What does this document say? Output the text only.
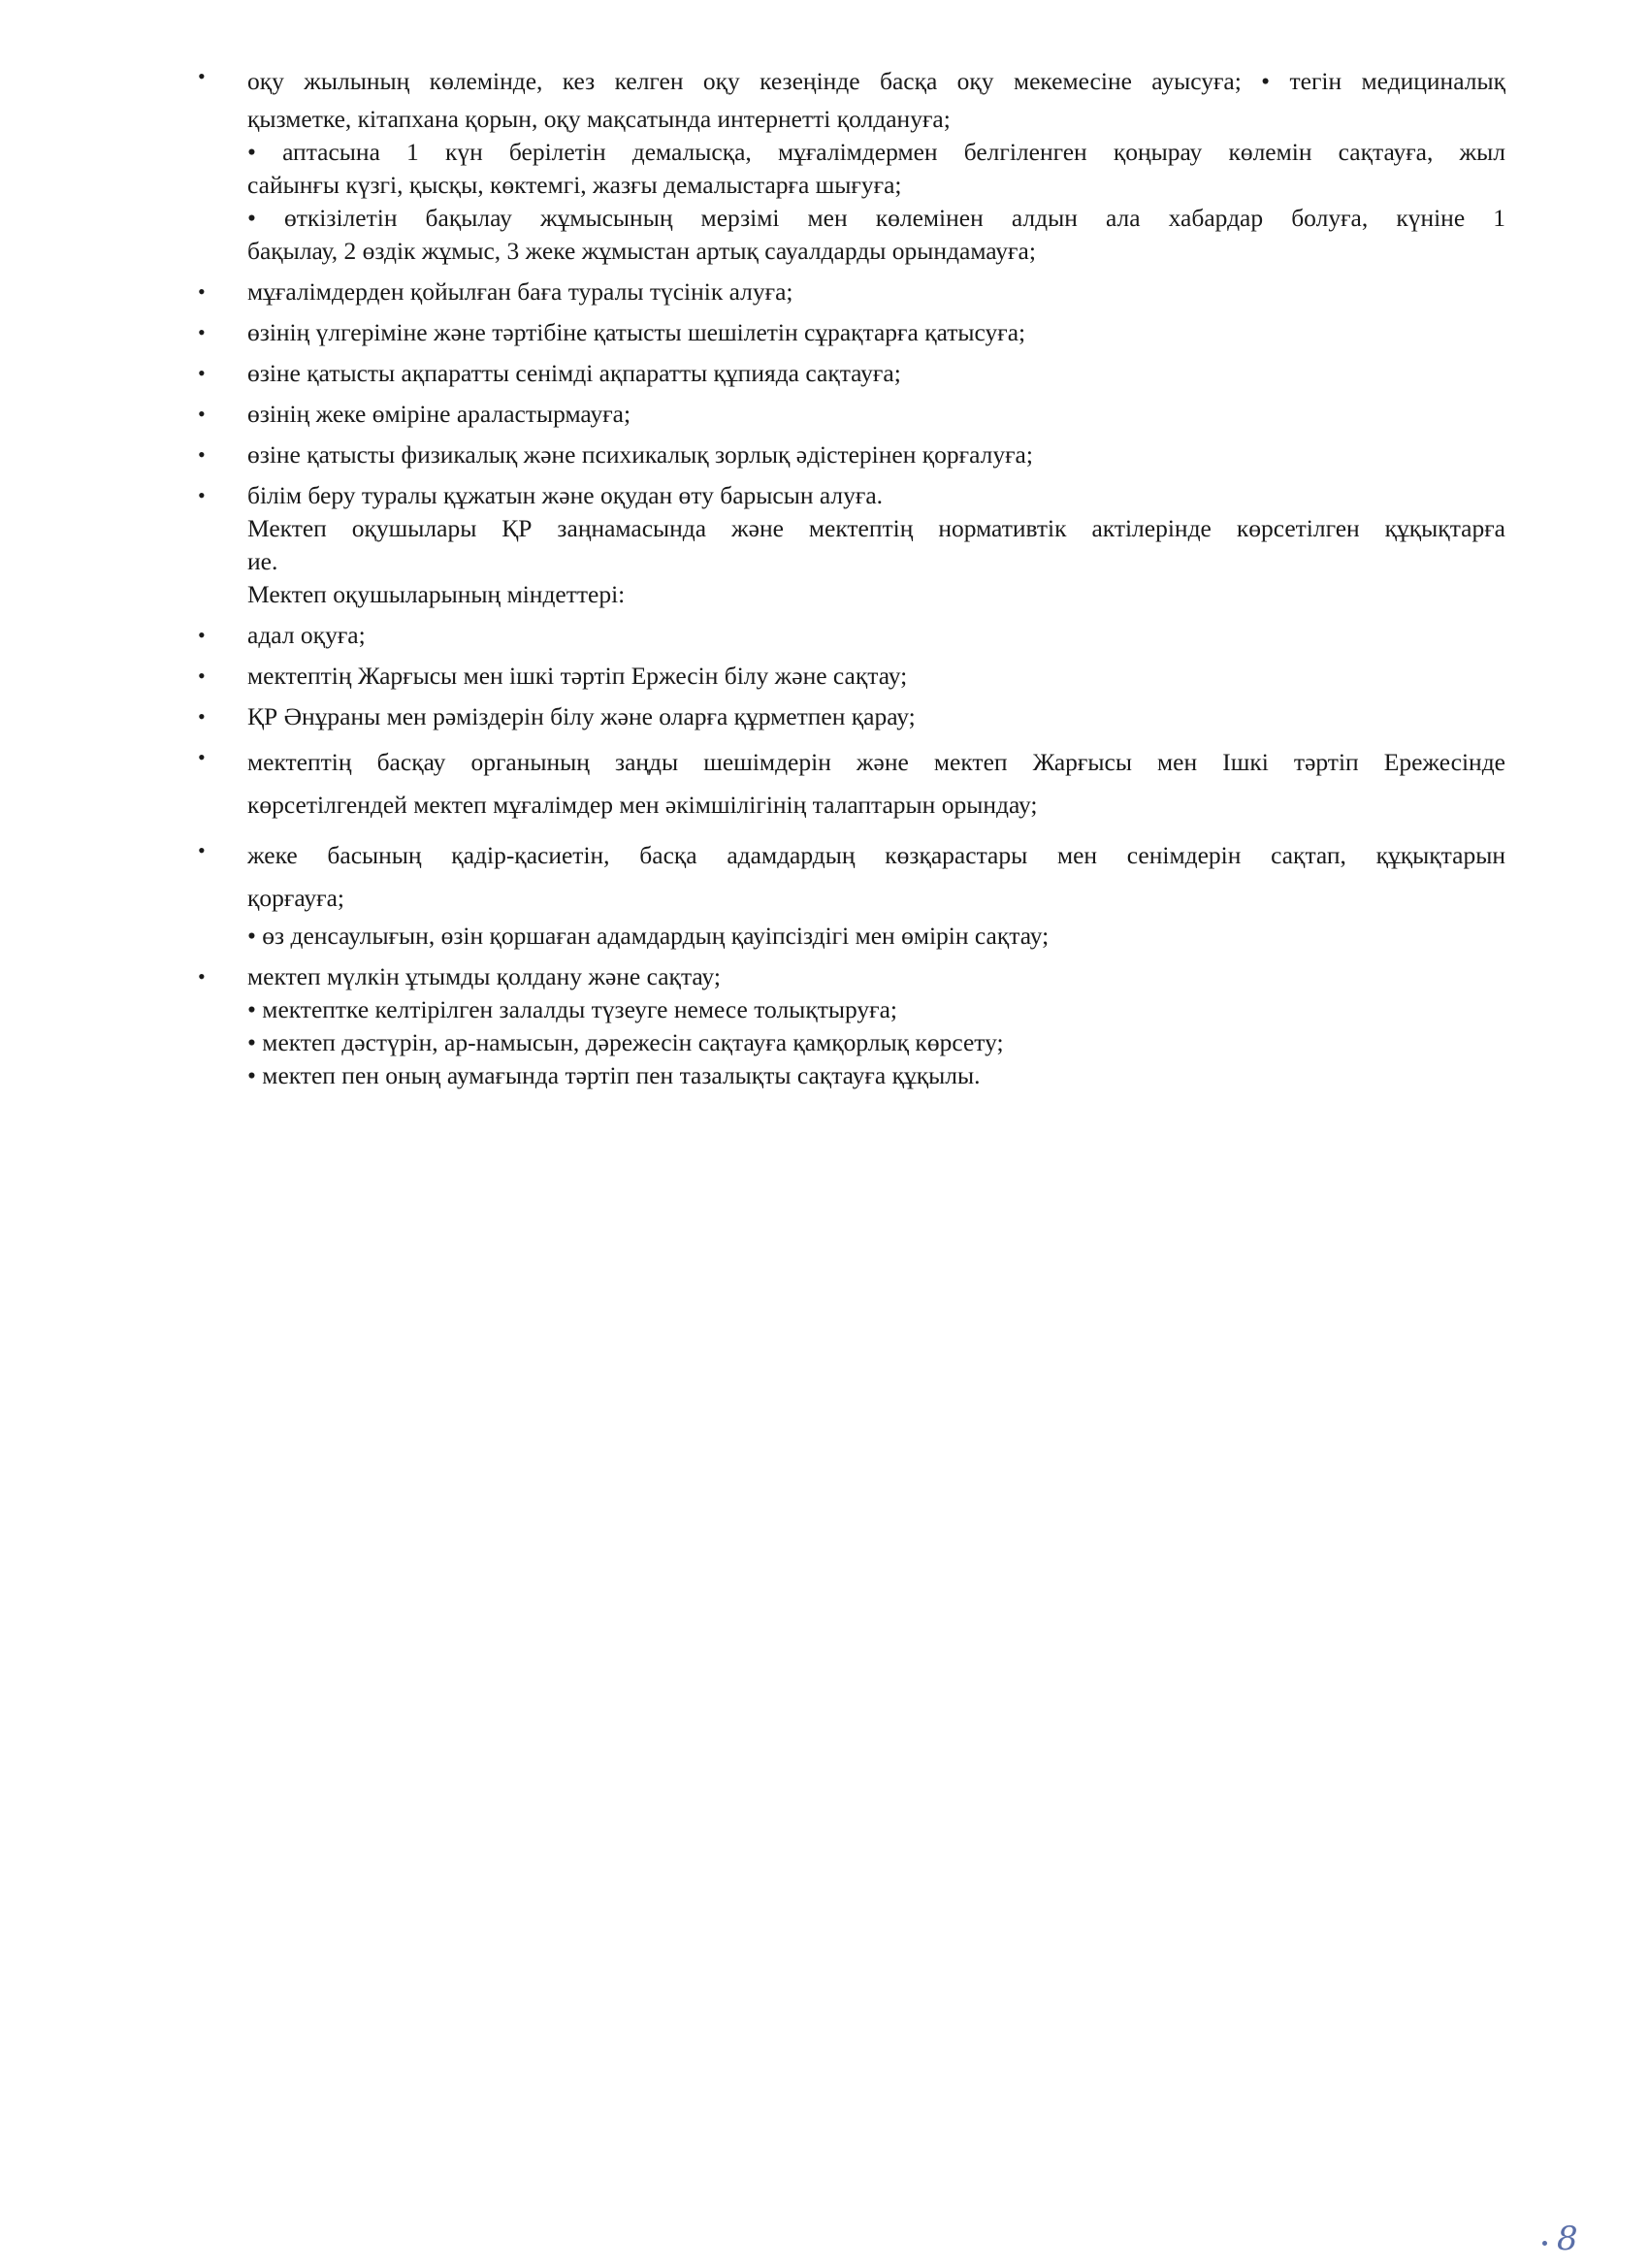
• оқу жылының көлемінде, кез келген оқу кезеңінде басқа оқу мекемесіне ауысуға; • тегін медициналық
қызметке, кітапхана қорын, оқу мақсатында интернетті қолдануға;
• аптасына 1 күн берілетін демалысқа, мұғалімдермен белгіленген қоңырау көлемін сақтауға, жыл
сайынғы күзгі, қысқы, көктемгі, жазғы демалыстарға шығуға;
• өткізілетін бақылау жұмысының мерзімі мен көлемінен алдын ала хабардар болуға, күніне 1
бақылау, 2 өздік жұмыс, 3 жеке жұмыстан артық сауалдарды орындамауға;
• мұғалімдерден қойылған баға туралы түсінік алуға;
• өзінің үлгеріміне және тәртібіне қатысты шешілетін сұрақтарға қатысуға;
• өзіне қатысты ақпаратты сенімді ақпаратты құпияда сақтауға;
• өзінің жеке өміріне араластырмауға;
• өзіне қатысты физикалық және психикалық зорлық әдістерінен қорғалуға;
• білім беру туралы құжатын және оқудан өту барысын алуға.
Мектеп оқушылары ҚР заңнамасында және мектептің нормативтік актілерінде көрсетілген құқықтарға
ие.
Мектеп оқушыларының міндеттері:
• адал оқуға;
• мектептің Жарғысы мен ішкі тәртіп Ержесін білу және сақтау;
• ҚР Әнұраны мен рәміздерін білу және оларға құрметпен қарау;
• мектептің басқау органының заңды шешімдерін және мектеп Жарғысы мен Ішкі тәртіп Ережесінде
көрсетілгендей мектеп мұғалімдер мен әкімшілігінің талаптарын орындау;
• жеке басының қадір-қасиетін, басқа адамдардың көзқарастары мен сенімдерін сақтап, құқықтарын
қорғауға;
• өз денсаулығын, өзін қоршаған адамдардың қауіпсіздігі мен өмірін сақтау;
• мектеп мүлкін ұтымды қолдану және сақтау;
• мектептке келтірілген залалды түзеуге немесе толықтыруға;
• мектеп дәстүрін, ар-намысын, дәрежесін сақтауға қамқорлық көрсету;
• мектеп пен оның аумағында тәртіп пен тазалықты сақтауға құқылы.
8
